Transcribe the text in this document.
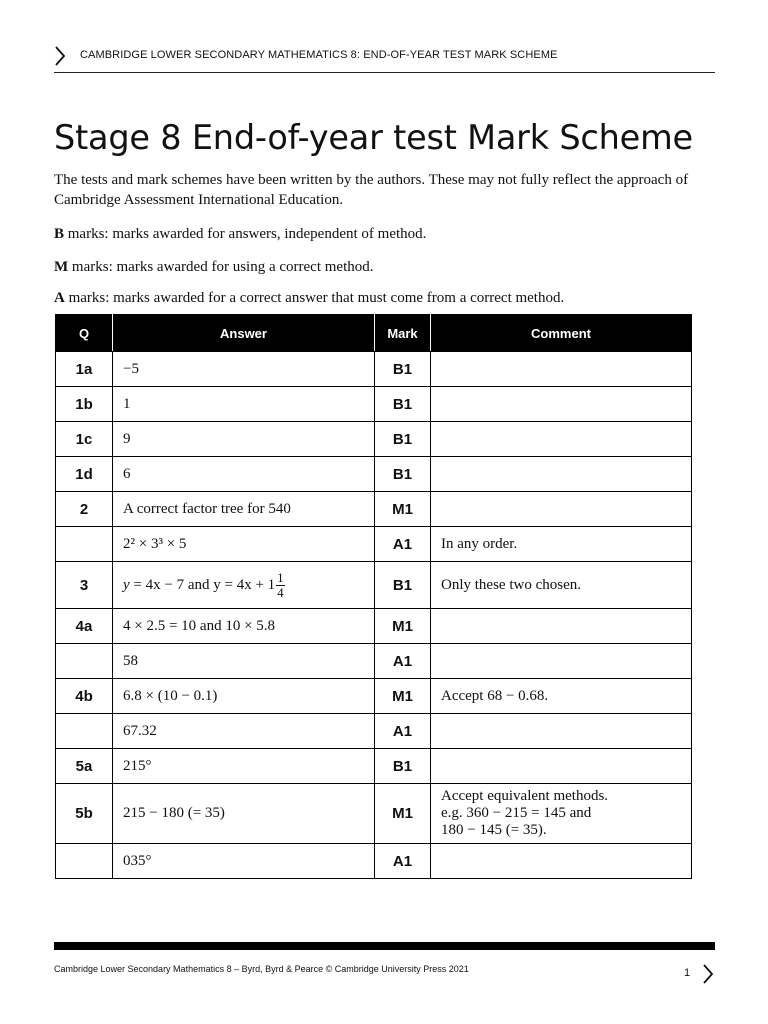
CAMBRIDGE LOWER SECONDARY MATHEMATICS 8: END-OF-YEAR TEST MARK SCHEME
Stage 8 End-of-year test Mark Scheme

The tests and mark schemes have been written by the authors. These may not fully reflect the approach of Cambridge Assessment International Education.

B marks: marks awarded for answers, independent of method.

M marks: marks awarded for using a correct method.

A marks: marks awarded for a correct answer that must come from a correct method.

Q	Answer	Mark	Comment
1a	−5	B1	
1b	1	B1	
1c	9	B1	
1d	6	B1	
2	A correct factor tree for 540	M1	
	2² × 3³ × 5	A1	In any order.
3	y = 4x − 7 and $y = 4x + 1 \frac{1}{4}$	B1	Only these two chosen.
4a	4 × 2.5 = 10 and 10 × 5.8	M1	
	58	A1	
4b	6.8 × (10 − 0.1)	M1	Accept 68 − 0.68.
	67.32	A1	
5a	215°	B1	
5b	215 − 180 (= 35)	M1	Accept equivalent methods.
e.g. 360 − 215 = 145 and
180 − 145 (= 35).

	035°	A1	
Cambridge Lower Secondary Mathematics 8 – Byrd, Byrd & Pearce © Cambridge University Press 2021	1
